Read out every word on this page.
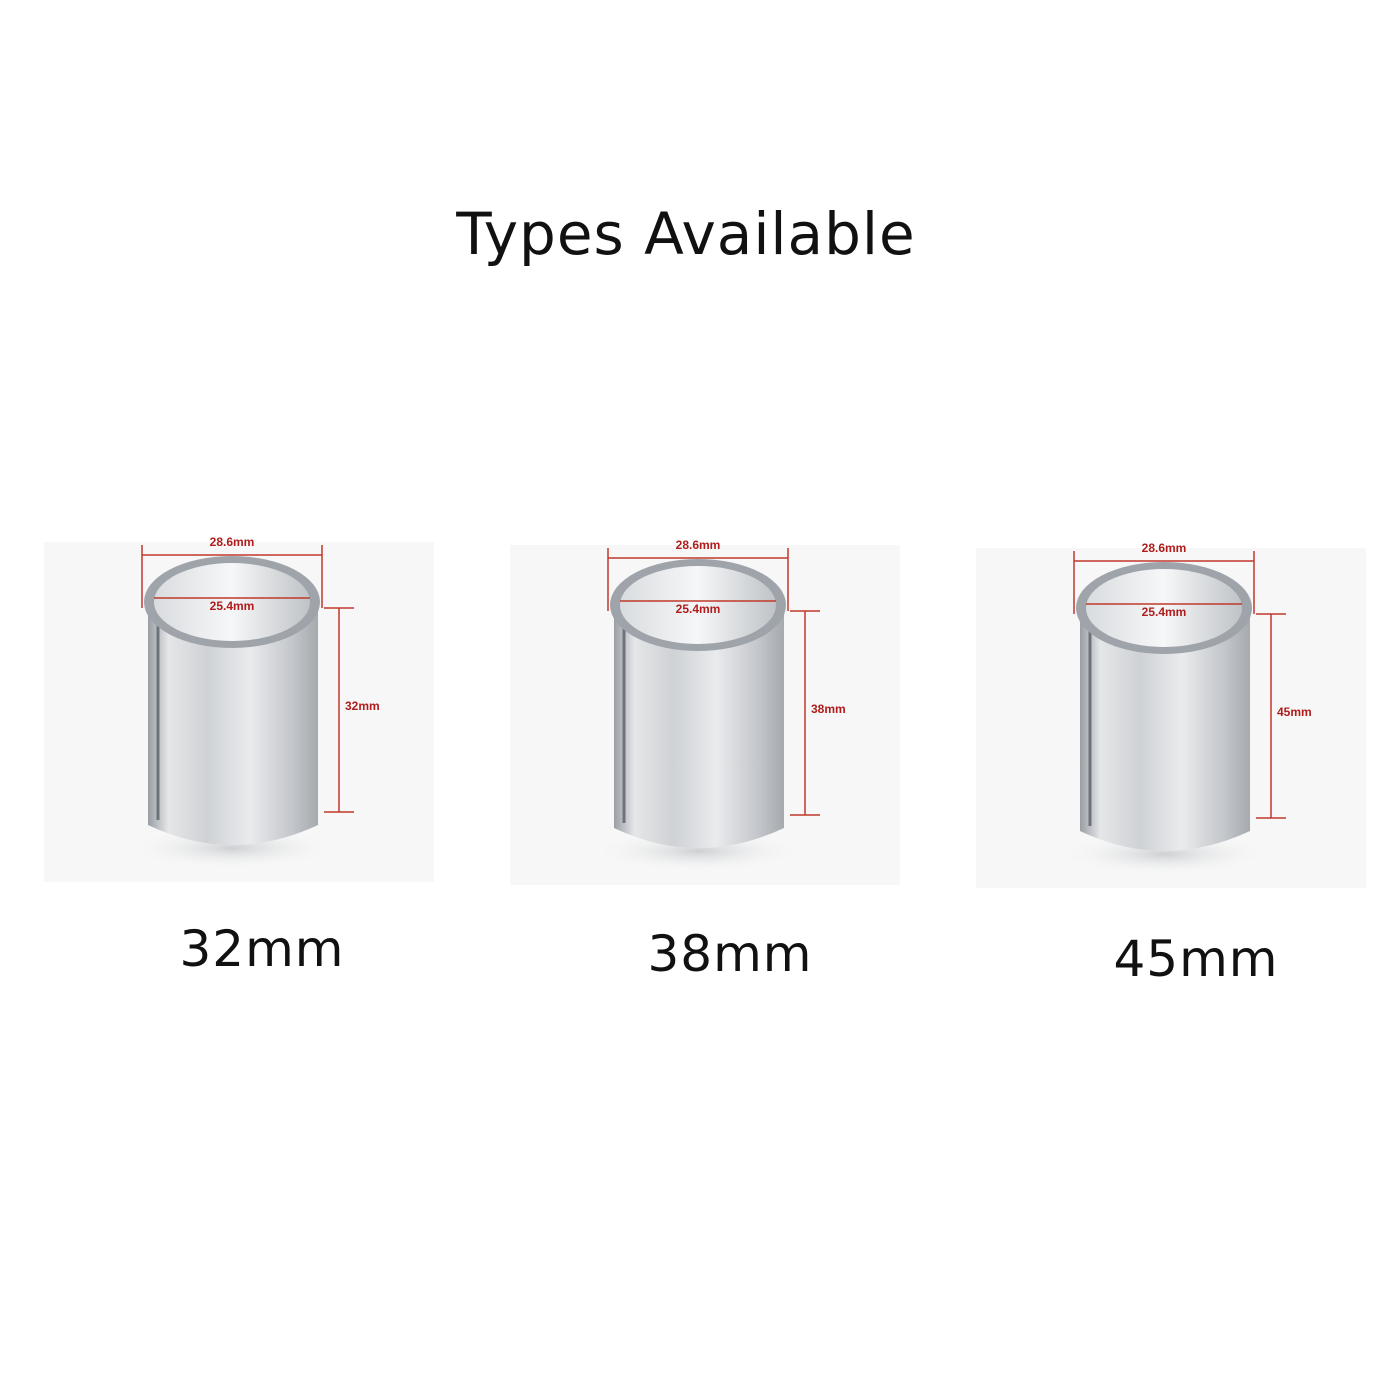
Types Available
28.6mm
25.4mm
32mm
32mm
28.6mm
25.4mm
38mm
38mm
28.6mm
25.4mm
45mm
45mm
